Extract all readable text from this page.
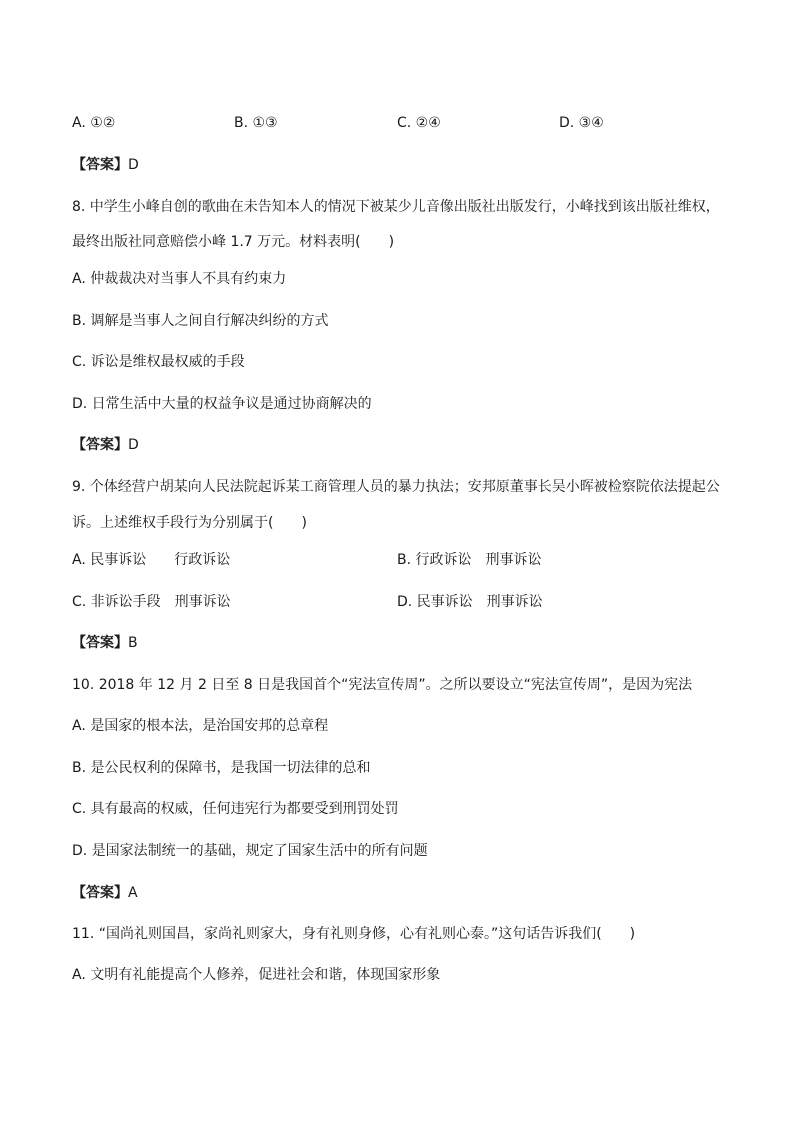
A. ①②	B. ①③	C. ②④	D. ③④
【答案】D
8. 中学生小峰自创的歌曲在未告知本人的情况下被某少儿音像出版社出版发行，小峰找到该出版社维权，
最终出版社同意赔偿小峰 1.7 万元。材料表明(　　)
A. 仲裁裁决对当事人不具有约束力
B. 调解是当事人之间自行解决纠纷的方式
C. 诉讼是维权最权威的手段
D. 日常生活中大量的权益争议是通过协商解决的
【答案】D
9. 个体经营户胡某向人民法院起诉某工商管理人员的暴力执法；安邦原董事长吴小晖被检察院依法提起公
诉。上述维权手段行为分别属于(　　)
A. 民事诉讼　　行政诉讼	B. 行政诉讼　刑事诉讼
C. 非诉讼手段　刑事诉讼	D. 民事诉讼　刑事诉讼
【答案】B
10. 2018 年 12 月 2 日至 8 日是我国首个“宪法宣传周”。之所以要设立“宪法宣传周”，是因为宪法
A. 是国家的根本法，是治国安邦的总章程
B. 是公民权利的保障书，是我国一切法律的总和
C. 具有最高的权威，任何违宪行为都要受到刑罚处罚
D. 是国家法制统一的基础，规定了国家生活中的所有问题
【答案】A
11. “国尚礼则国昌，家尚礼则家大，身有礼则身修，心有礼则心泰。”这句话告诉我们(　　)
A. 文明有礼能提高个人修养，促进社会和谐，体现国家形象
